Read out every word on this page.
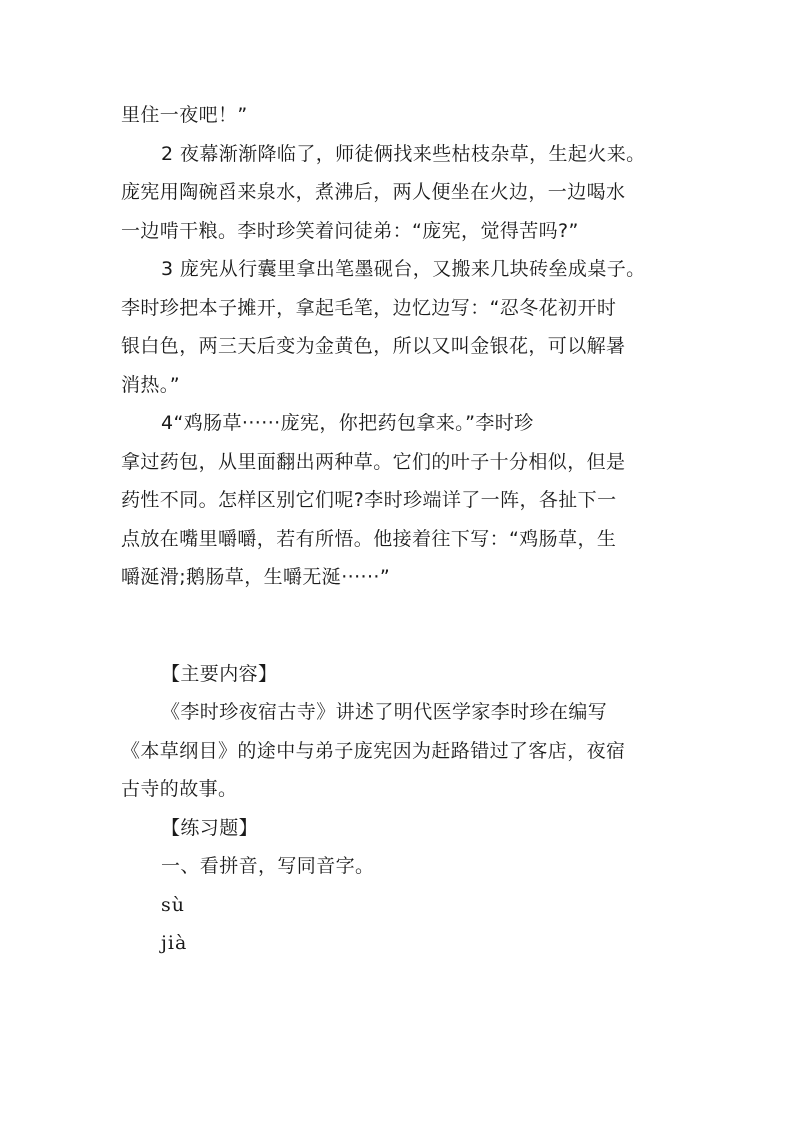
里住一夜吧！”
2 夜幕渐渐降临了，师徒俩找来些枯枝杂草，生起火来。
庞宪用陶碗舀来泉水，煮沸后，两人便坐在火边，一边喝水
一边啃干粮。李时珍笑着问徒弟：“庞宪，觉得苦吗?”
3 庞宪从行囊里拿出笔墨砚台，又搬来几块砖垒成桌子。
李时珍把本子摊开，拿起毛笔，边忆边写：“忍冬花初开时
银白色，两三天后变为金黄色，所以又叫金银花，可以解暑
消热。”
4“鸡肠草······庞宪，你把药包拿来。”李时珍
拿过药包，从里面翻出两种草。它们的叶子十分相似，但是
药性不同。怎样区别它们呢?李时珍端详了一阵，各扯下一
点放在嘴里嚼嚼，若有所悟。他接着往下写：“鸡肠草，生
嚼涎滑;鹅肠草，生嚼无涎······”
【主要内容】
《李时珍夜宿古寺》讲述了明代医学家李时珍在编写
《本草纲目》的途中与弟子庞宪因为赶路错过了客店，夜宿
古寺的故事。
【练习题】
一、看拼音，写同音字。
sù
jià
